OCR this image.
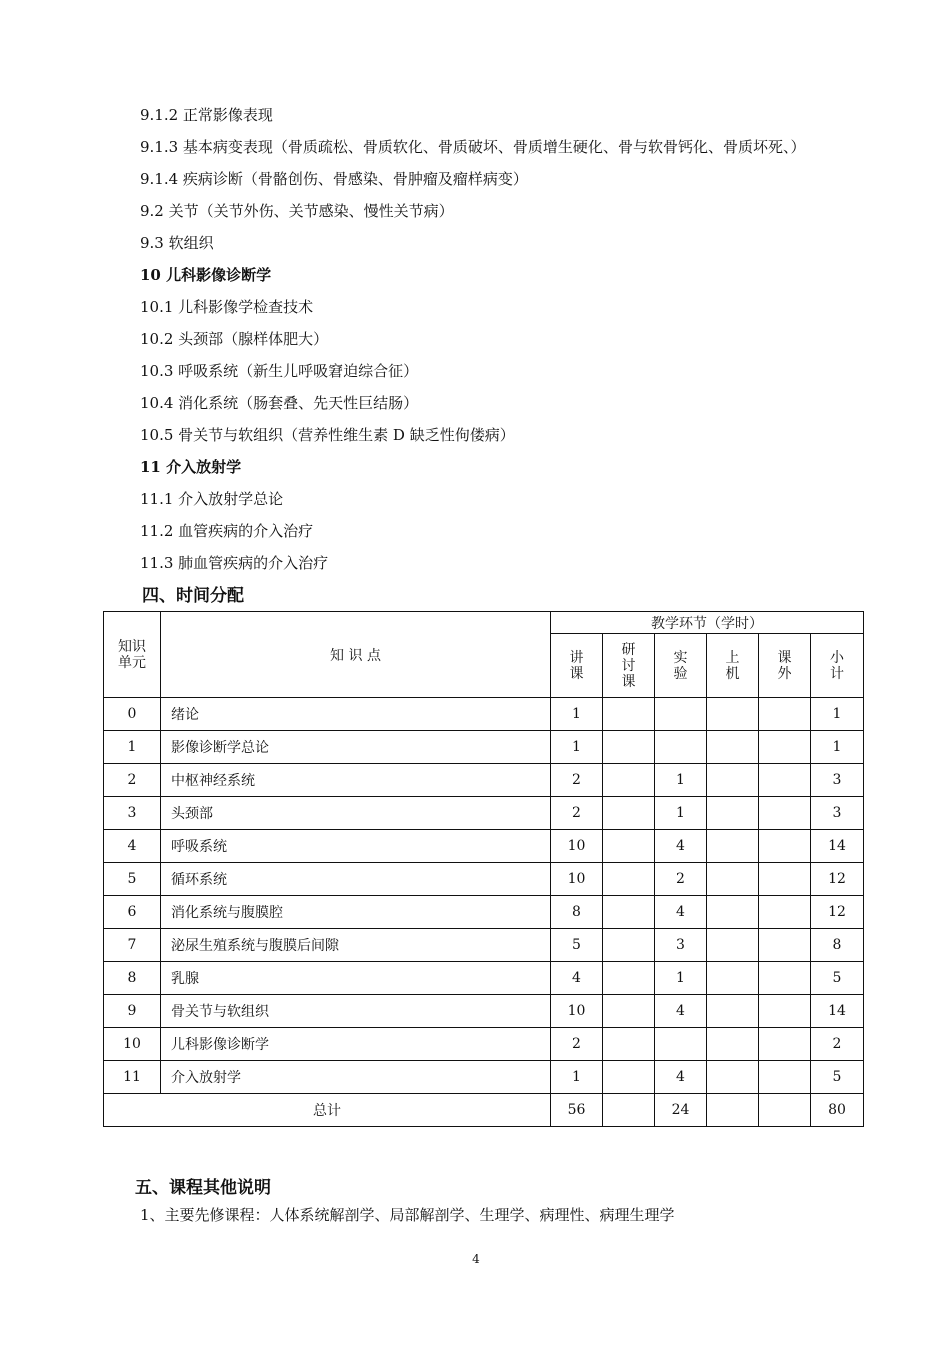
9.1.2 正常影像表现
9.1.3 基本病变表现（骨质疏松、骨质软化、骨质破坏、骨质增生硬化、骨与软骨钙化、骨质坏死、）
9.1.4 疾病诊断（骨骼创伤、骨感染、骨肿瘤及瘤样病变）
9.2 关节（关节外伤、关节感染、慢性关节病）
9.3 软组织
10 儿科影像诊断学
10.1 儿科影像学检查技术
10.2 头颈部（腺样体肥大）
10.3 呼吸系统（新生儿呼吸窘迫综合征）
10.4 消化系统（肠套叠、先天性巨结肠）
10.5 骨关节与软组织（营养性维生素 D 缺乏性佝偻病）
11 介入放射学
11.1 介入放射学总论
11.2 血管疾病的介入治疗
11.3 肺血管疾病的介入治疗
四、时间分配
知识单元	知 识 点	教学环节（学时）					
		讲课	研讨课	实验	上机	课外	小计
0	绪论	1					1
1	影像诊断学总论	1					1
2	中枢神经系统	2		1			3
3	头颈部	2		1			3
4	呼吸系统	10		4			14
5	循环系统	10		2			12
6	消化系统与腹膜腔	8		4			12
7	泌尿生殖系统与腹膜后间隙	5		3			8
8	乳腺	4		1			5
9	骨关节与软组织	10		4			14
10	儿科影像诊断学	2					2
11	介入放射学	1		4			5
总计		56		24			80
五、课程其他说明
1、主要先修课程：人体系统解剖学、局部解剖学、生理学、病理性、病理生理学
4
